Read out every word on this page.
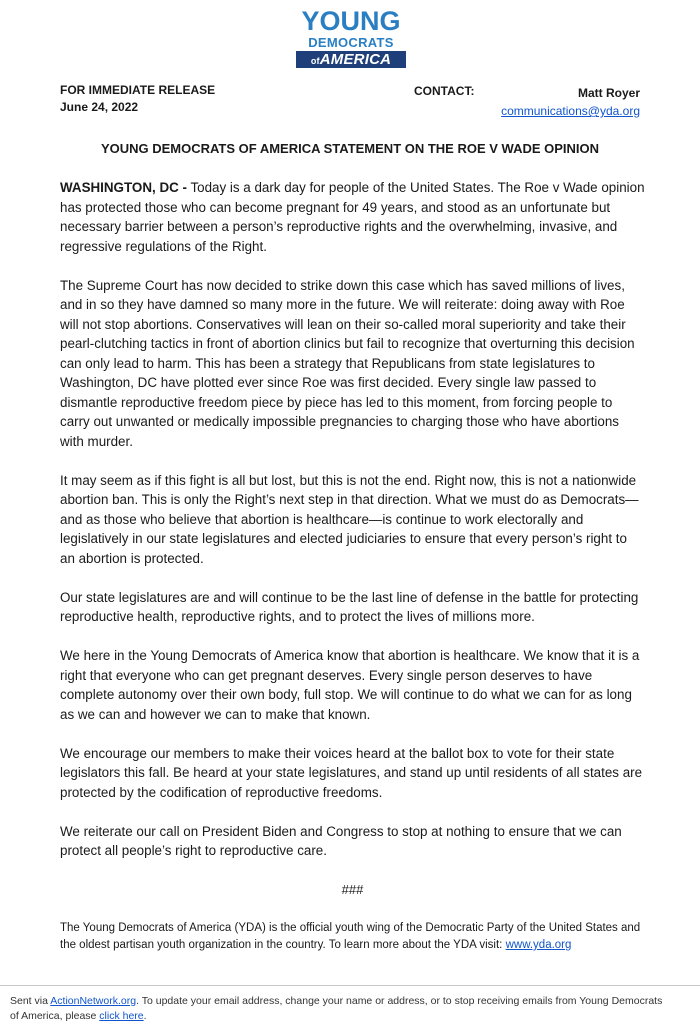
YOUNG
DEMOCRATS
ofAMERICA
FOR IMMEDIATE RELEASE
June 24, 2022
CONTACT:	Matt Royer
communications@yda.org
YOUNG DEMOCRATS OF AMERICA STATEMENT ON THE ROE V WADE OPINION

WASHINGTON, DC - Today is a dark day for people of the United States. The Roe v Wade opinion has protected those who can become pregnant for 49 years, and stood as an unfortunate but necessary barrier between a person’s reproductive rights and the overwhelming, invasive, and regressive regulations of the Right.

The Supreme Court has now decided to strike down this case which has saved millions of lives, and in so they have damned so many more in the future. We will reiterate: doing away with Roe will not stop abortions. Conservatives will lean on their so-called moral superiority and take their pearl-clutching tactics in front of abortion clinics but fail to recognize that overturning this decision can only lead to harm. This has been a strategy that Republicans from state legislatures to Washington, DC have plotted ever since Roe was first decided. Every single law passed to dismantle reproductive freedom piece by piece has led to this moment, from forcing people to carry out unwanted or medically impossible pregnancies to charging those who have abortions with murder.

It may seem as if this fight is all but lost, but this is not the end. Right now, this is not a nationwide abortion ban. This is only the Right’s next step in that direction. What we must do as Democrats—and as those who believe that abortion is healthcare—is continue to work electorally and legislatively in our state legislatures and elected judiciaries to ensure that every person’s right to an abortion is protected.

Our state legislatures are and will continue to be the last line of defense in the battle for protecting reproductive health, reproductive rights, and to protect the lives of millions more.

We here in the Young Democrats of America know that abortion is healthcare. We know that it is a right that everyone who can get pregnant deserves. Every single person deserves to have complete autonomy over their own body, full stop. We will continue to do what we can for as long as we can and however we can to make that known.

We encourage our members to make their voices heard at the ballot box to vote for their state legislators this fall. Be heard at your state legislatures, and stand up until residents of all states are protected by the codification of reproductive freedoms.

We reiterate our call on President Biden and Congress to stop at nothing to ensure that we can protect all people’s right to reproductive care.

###
The Young Democrats of America (YDA) is the official youth wing of the Democratic Party of the United States and the oldest partisan youth organization in the country. To learn more about the YDA visit: www.yda.org
Sent via ActionNetwork.org. To update your email address, change your name or address, or to stop receiving emails from Young Democrats of America, please click here.
